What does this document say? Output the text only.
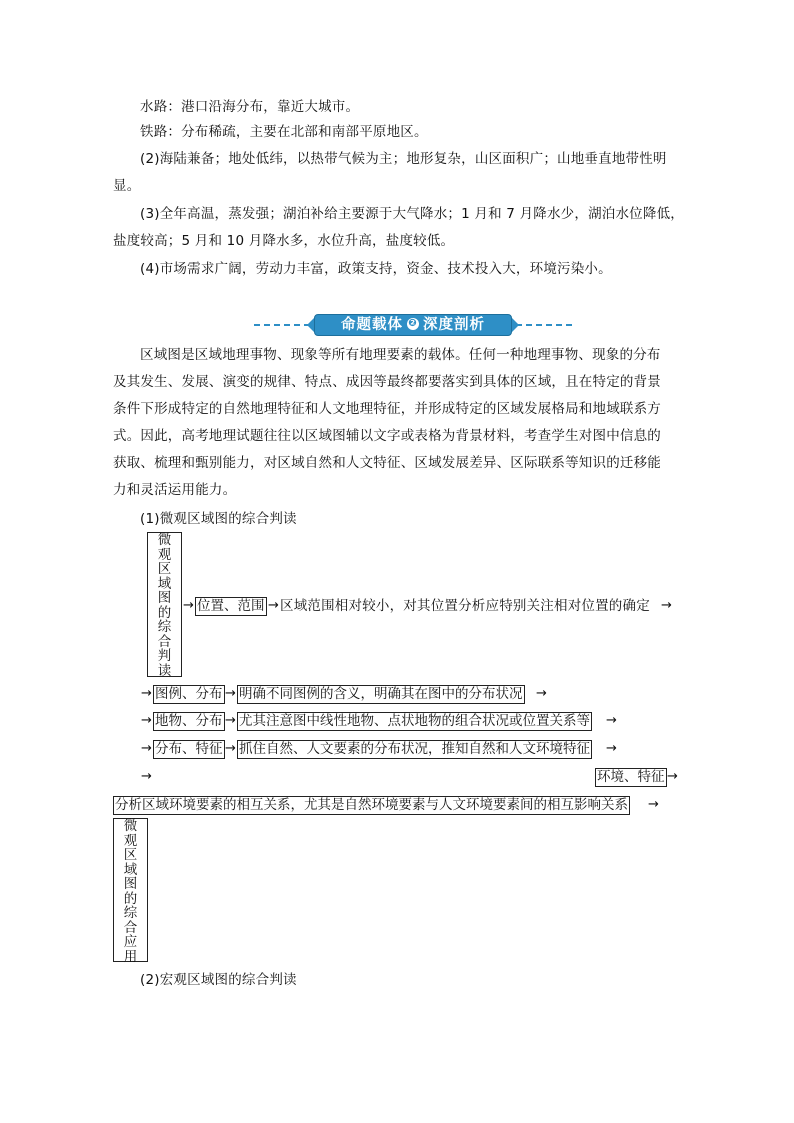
水路：港口沿海分布，靠近大城市。
铁路：分布稀疏，主要在北部和南部平原地区。
(2)海陆兼备；地处低纬，以热带气候为主；地形复杂，山区面积广；山地垂直地带性明
显。
(3)全年高温，蒸发强；湖泊补给主要源于大气降水；1 月和 7 月降水少，湖泊水位降低，
盐度较高；5 月和 10 月降水多，水位升高，盐度较低。
(4)市场需求广阔，劳动力丰富，政策支持，资金、技术投入大，环境污染小。
命题载体 ❷ 深度剖析
区域图是区域地理事物、现象等所有地理要素的载体。任何一种地理事物、现象的分布
及其发生、发展、演变的规律、特点、成因等最终都要落实到具体的区域，且在特定的背景
条件下形成特定的自然地理特征和人文地理特征，并形成特定的区域发展格局和地域联系方
式。因此，高考地理试题往往以区域图辅以文字或表格为背景材料，考查学生对图中信息的
获取、梳理和甄别能力，对区域自然和人文特征、区域发展差异、区际联系等知识的迁移能
力和灵活运用能力。
(1)微观区域图的综合判读
微
观
区
域
图
的
综
合
判
读
→ 位置、范围 → 区域范围相对较小，对其位置分析应特别关注相对位置的确定 →
→ 图例、分布 → 明确不同图例的含义，明确其在图中的分布状况 →
→ 地物、分布 → 尤其注意图中线性地物、点状地物的组合状况或位置关系等 →
→ 分布、特征 → 抓住自然、人文要素的分布状况，推知自然和人文环境特征 →
→	环境、特征 →
分析区域环境要素的相互关系，尤其是自然环境要素与人文环境要素间的相互影响关系 →
微
观
区
域
图
的
综
合
应
用
(2)宏观区域图的综合判读
